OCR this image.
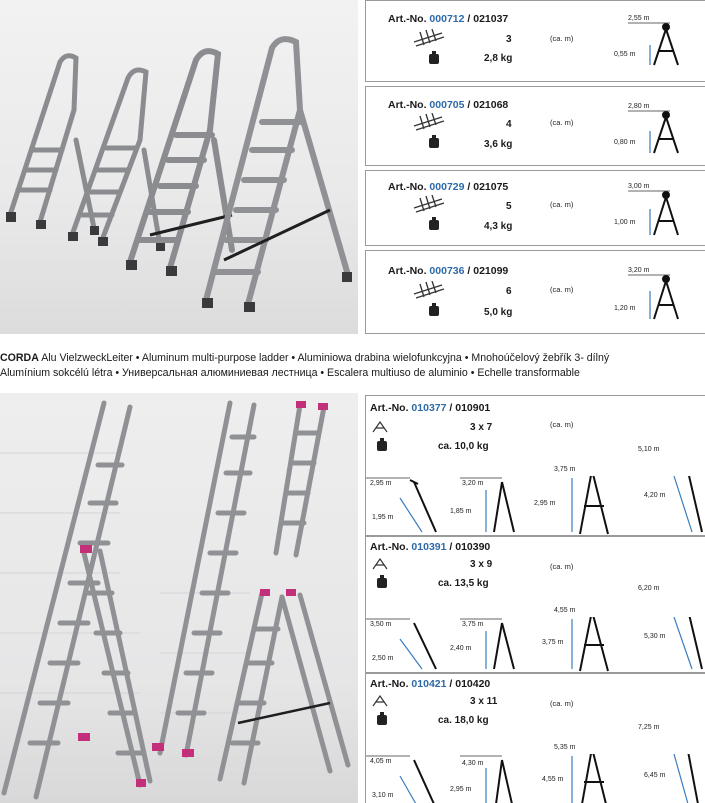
Art.-No. 000712 / 021037
3
2,8 kg
(ca. m)
2,55 m
0,55 m
Art.-No. 000705 / 021068
4
3,6 kg
(ca. m)
2,80 m
0,80 m
Art.-No. 000729 / 021075
5
4,3 kg
(ca. m)
3,00 m
1,00 m
Art.-No. 000736 / 021099
6
5,0 kg
(ca. m)
3,20 m
1,20 m
CORDA Alu VielzweckLeiter • Aluminum multi-purpose ladder • Aluminiowa drabina wielofunkcyjna • Mnohoúčelový žebřík 3- dílný
Alumínium sokcélú létra • Универсальная алюминиевая лестница • Escalera multiuso de aluminio • Echelle transformable
Art.-No. 010377 / 010901
3 x 7
ca. 10,0 kg
(ca. m)
2,95 m
1,95 m
3,20 m
1,85 m
3,75 m
2,95 m
5,10 m
4,20 m
Art.-No. 010391 / 010390
3 x 9
ca. 13,5 kg
(ca. m)
3,50 m
2,50 m
3,75 m
2,40 m
4,55 m
3,75 m
6,20 m
5,30 m
Art.-No. 010421 / 010420
3 x 11
ca. 18,0 kg
(ca. m)
4,05 m
3,10 m
4,30 m
2,95 m
5,35 m
4,55 m
7,25 m
6,45 m
